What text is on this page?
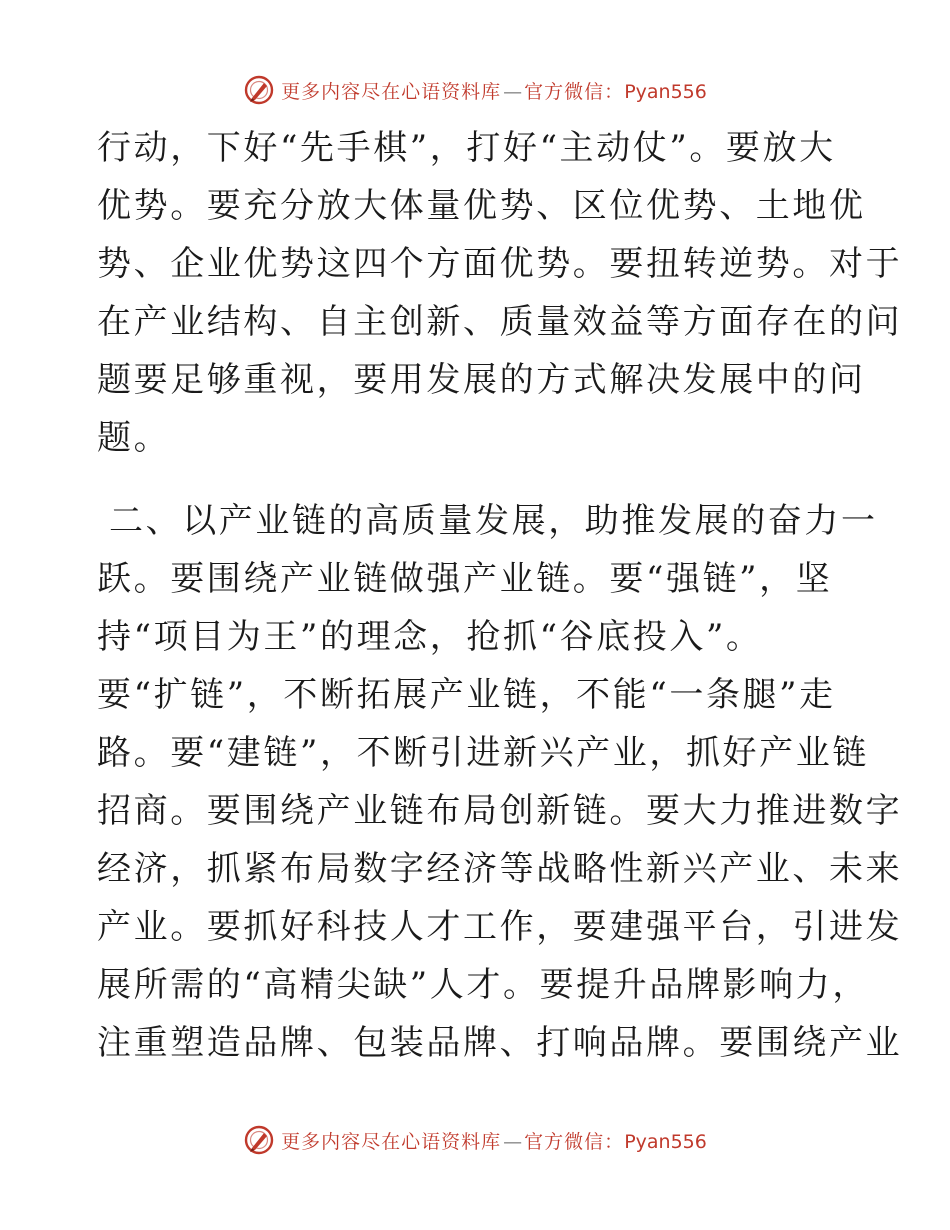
更多内容尽在心语资料库 — 官方微信：Pyan556
行动，下好“先手棋”，打好“主动仗”。要放大
优势。要充分放大体量优势、区位优势、土地优
势、企业优势这四个方面优势。要扭转逆势。对于
在产业结构、自主创新、质量效益等方面存在的问
题要足够重视，要用发展的方式解决发展中的问
题。
二、以产业链的高质量发展，助推发展的奋力一
跃。要围绕产业链做强产业链。要“强链”，坚
持“项目为王”的理念，抢抓“谷底投入”。
要“扩链”，不断拓展产业链，不能“一条腿”走
路。要“建链”，不断引进新兴产业，抓好产业链
招商。要围绕产业链布局创新链。要大力推进数字
经济，抓紧布局数字经济等战略性新兴产业、未来
产业。要抓好科技人才工作，要建强平台，引进发
展所需的“高精尖缺”人才。要提升品牌影响力，
注重塑造品牌、包装品牌、打响品牌。要围绕产业
更多内容尽在心语资料库 — 官方微信：Pyan556
